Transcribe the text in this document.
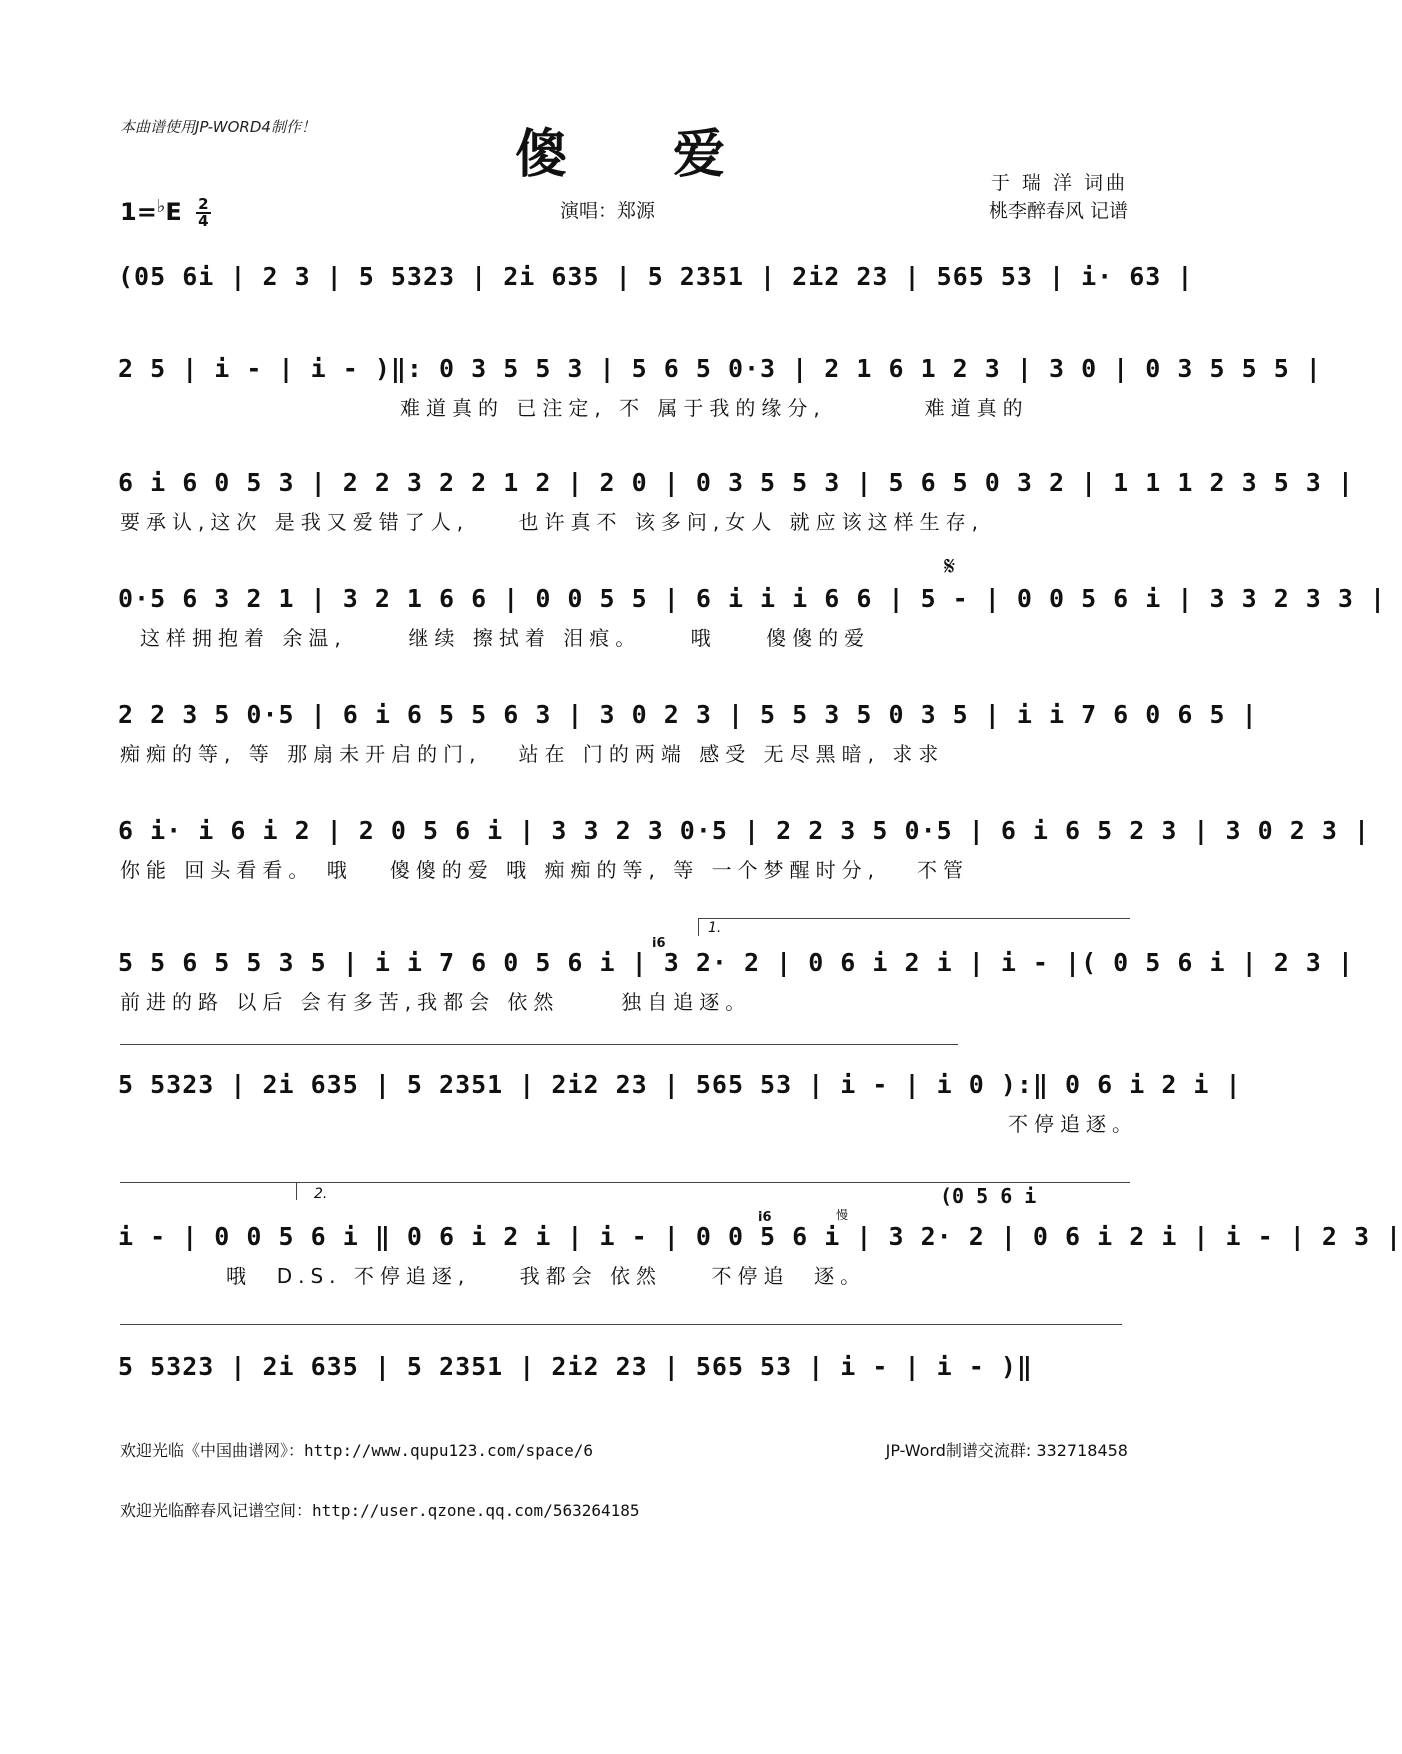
本曲谱使用JP-WORD4制作！	傻 爱
$1=^♭E \frac{2}{4}$	演唱：郑源
于 瑞 洋 词曲
桃李醉春风 记谱
(05 6i | 2 3 | 5 5323 | 2i 635 | 5 2351 | 2i2 23 | 565 53 | i· 63 |
2 5 | i - | i - )‖: 0 3 5 5 3 | 5 6 5 0·3 | 2 1 6 1 2 3 | 3 0 | 0 3 5 5 5 |
难道真的 已注定, 不 属于我的缘分,        难道真的
6 i 6 0 5 3 | 2 2 3 2 2 1 2 | 2 0 | 0 3 5 5 3 | 5 6 5 0 3 2 | 1 1 1 2 3 5 3 |
要承认,这次 是我又爱错了人,    也许真不 该多问,女人 就应该这样生存,
𝄋
0·5 6 3 2 1 | 3 2 1 6 6 | 0 0 5 5 | 6 i i i 6 6 | 5 - | 0 0 5 6 i | 3 3 2 3 3 |
这样拥抱着 余温,     继续 擦拭着 泪痕。    哦    傻傻的爱
2 2 3 5 0·5 | 6 i 6 5 5 6 3 | 3 0 2 3 | 5 5 3 5 0 3 5 | i i 7 6 0 6 5 |
痴痴的等, 等 那扇未开启的门,   站在 门的两端 感受 无尽黑暗, 求求
6 i· i 6 i 2 | 2 0 5 6 i | 3 3 2 3 0·5 | 2 2 3 5 0·5 | 6 i 6 5 2 3 | 3 0 2 3 |
你能 回头看看。 哦   傻傻的爱 哦 痴痴的等, 等 一个梦醒时分,   不管
1.
i6
5 5 6 5 5 3 5 | i i 7 6 0 5 6 i | 3 2· 2 | 0 6 i 2 i | i - |( 0 5 6 i | 2 3 |
前进的路 以后 会有多苦,我都会 依然     独自追逐。
5 5323 | 2i 635 | 5 2351 | 2i2 23 | 565 53 | i - | i 0 ):‖ 0 6 i 2 i |
不停追逐。
2.	(0 5 6 i
慢
i6
i - | 0 0 5 6 i ‖ 0 6 i 2 i | i - | 0 0 5 6 i | 3 2· 2 | 0 6 i 2 i | i - | 2 3 |
哦  D.S. 不停追逐,    我都会 依然    不停追  逐。
5 5323 | 2i 635 | 5 2351 | 2i2 23 | 565 53 | i - | i - )‖
欢迎光临《中国曲谱网》：http://www.qupu123.com/space/6	JP-Word制谱交流群: 332718458
欢迎光临醉春风记谱空间：http://user.qzone.qq.com/563264185
